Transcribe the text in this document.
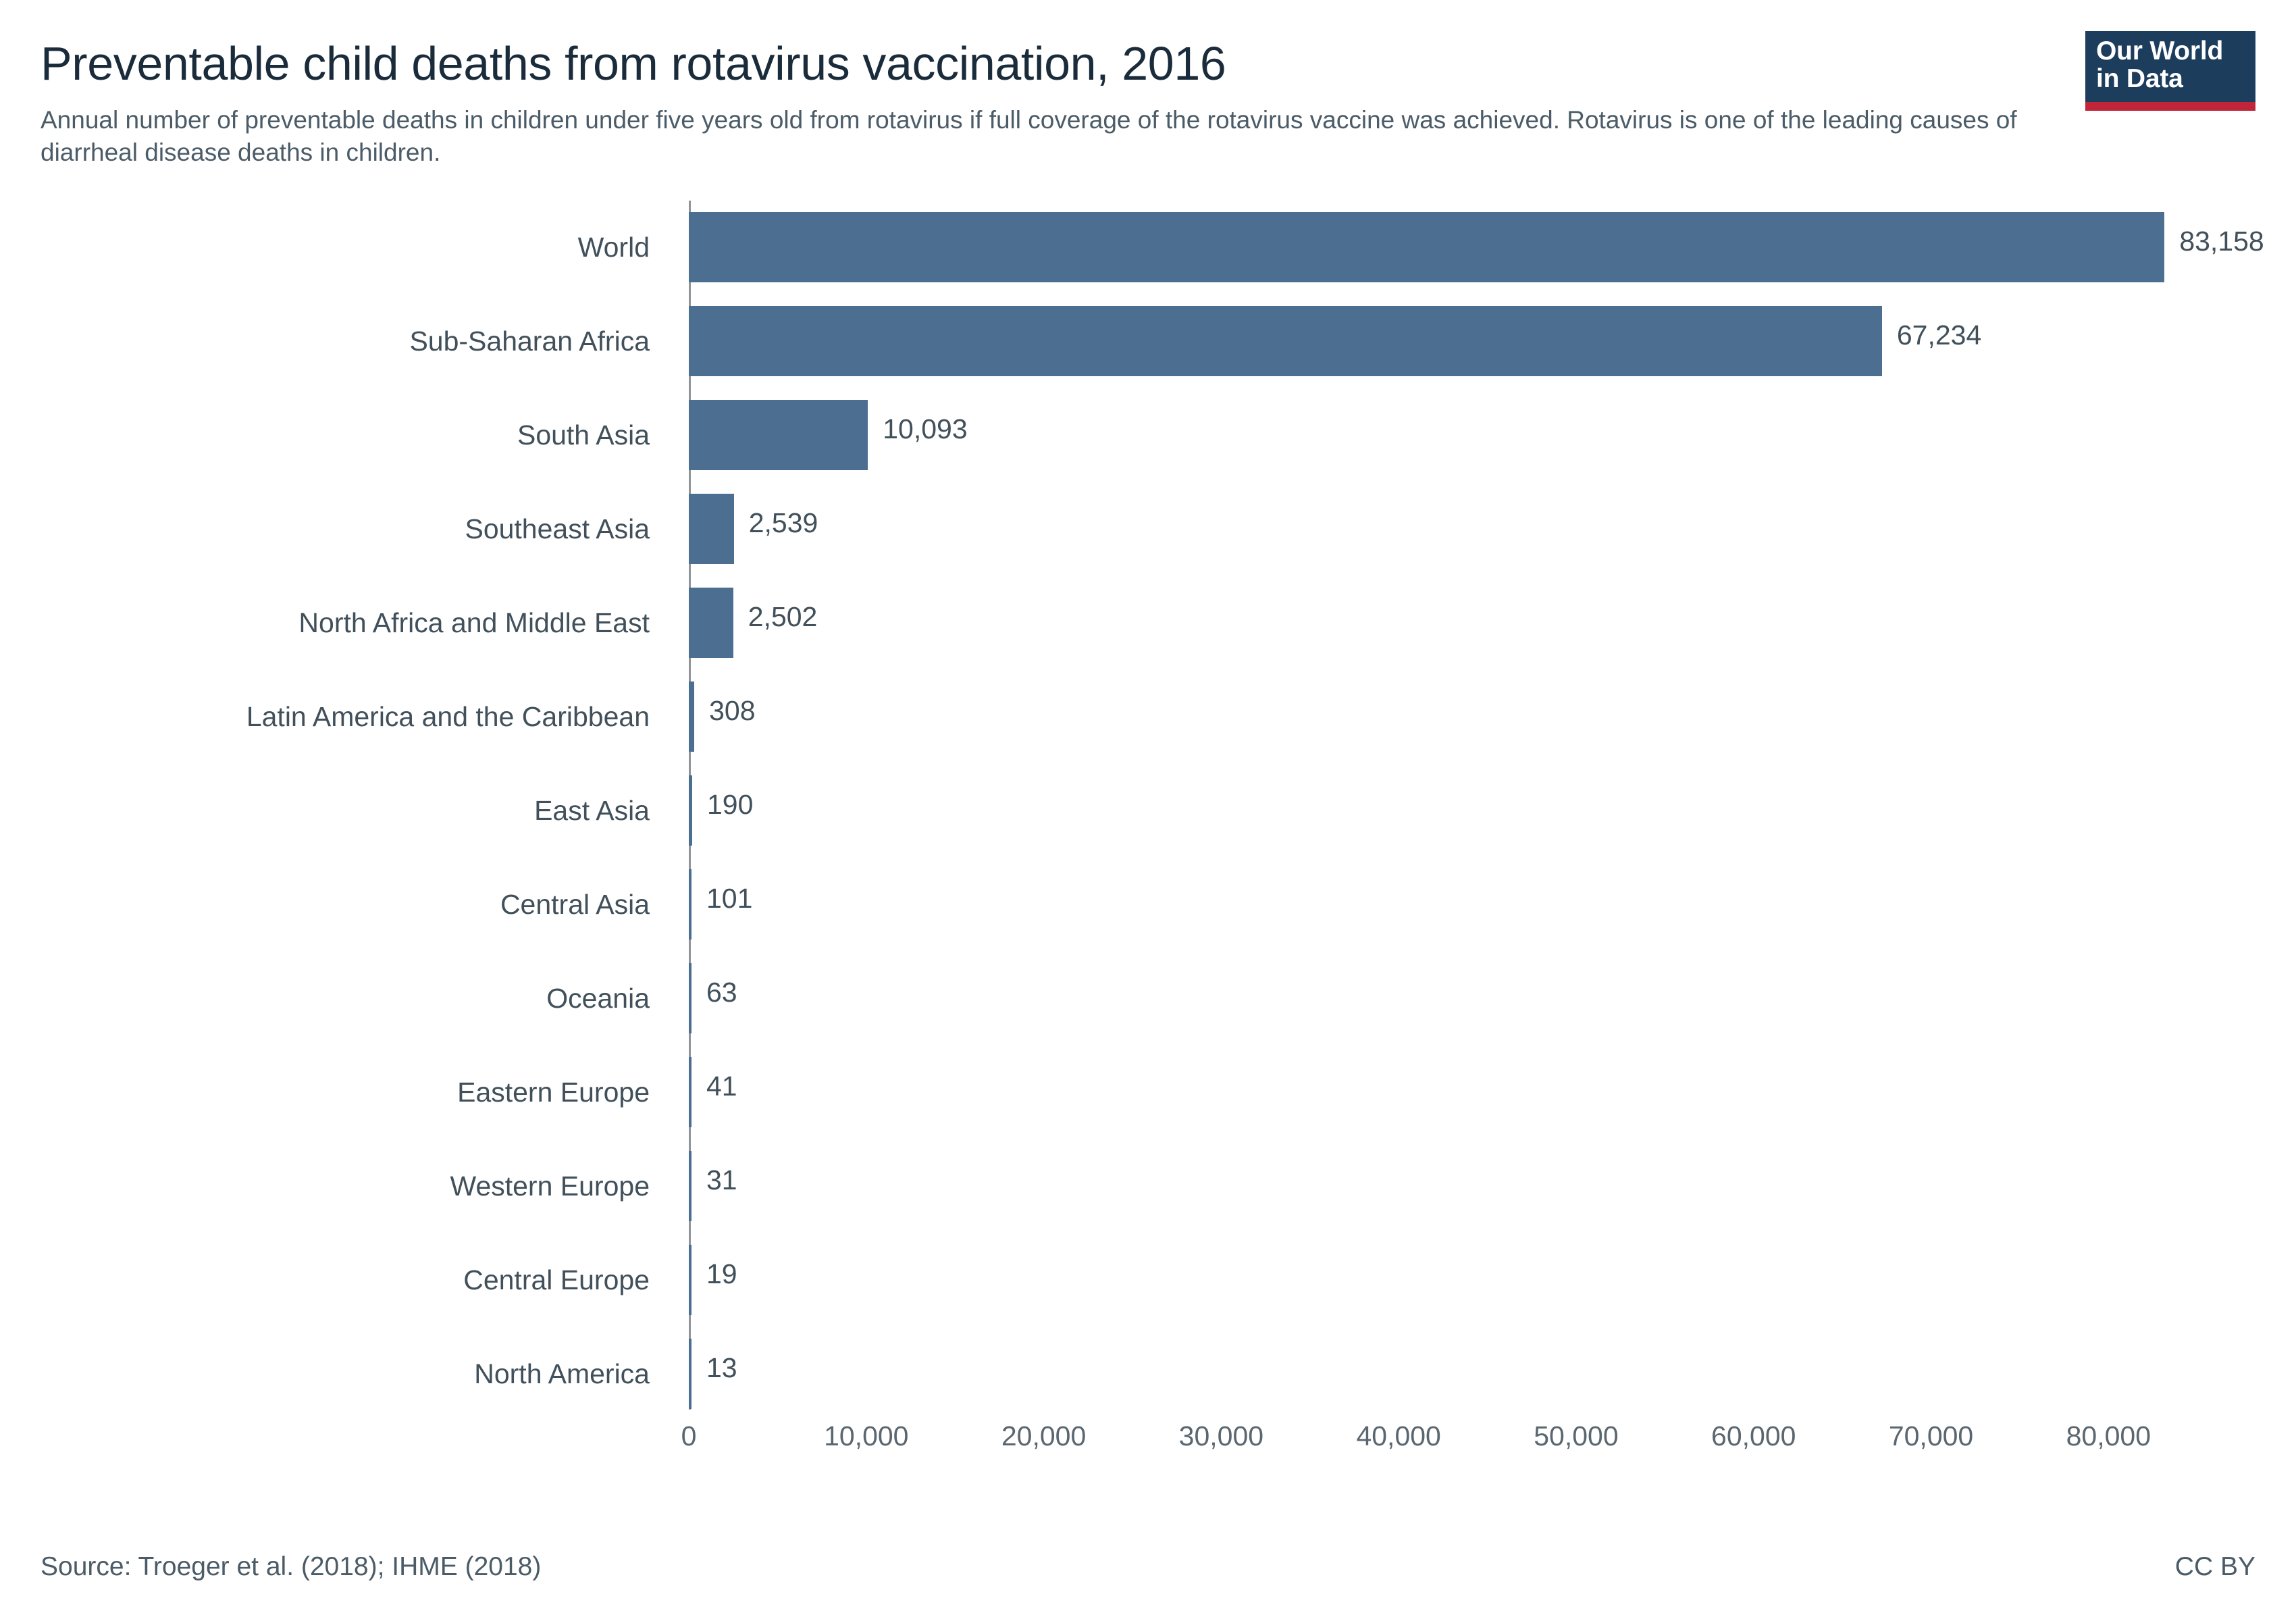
Preventable child deaths from rotavirus vaccination, 2016
Annual number of preventable deaths in children under five years old from rotavirus if full coverage of the rotavirus vaccine was achieved. Rotavirus is one of the leading causes of diarrheal disease deaths in children.
Our World
in Data
World
Sub-Saharan Africa
South Asia
Southeast Asia
North Africa and Middle East
Latin America and the Caribbean
East Asia
Central Asia
Oceania
Eastern Europe
Western Europe
Central Europe
North America
0	10,000	20,000	30,000	40,000	50,000	60,000	70,000	80,000
83,158
67,234
10,093
2,539
2,502
308
190
101
63
41
31
19
13
Source: Troeger et al. (2018); IHME (2018)	CC BY
